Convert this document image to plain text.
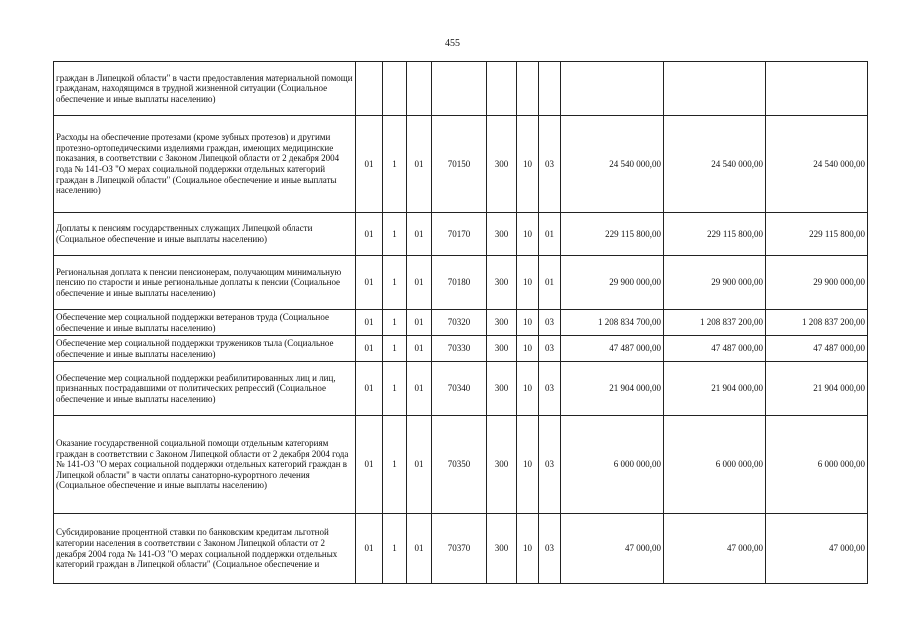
455
граждан в Липецкой области" в части предоставления материальной помощи гражданам, находящимся в трудной жизненной ситуации (Социальное обеспечение и иные выплаты населению)										
Расходы на обеспечение протезами (кроме зубных протезов) и другими протезно-ортопедическими изделиями граждан, имеющих медицинские показания, в соответствии с Законом Липецкой области от 2 декабря 2004 года № 141-ОЗ "О мерах социальной поддержки отдельных категорий граждан в Липецкой области" (Социальное обеспечение и иные выплаты населению)	01	1	01	70150	300	10	03	24 540 000,00	24 540 000,00	24 540 000,00
Доплаты к пенсиям государственных служащих Липецкой области (Социальное обеспечение и иные выплаты населению)	01	1	01	70170	300	10	01	229 115 800,00	229 115 800,00	229 115 800,00
Региональная доплата к пенсии пенсионерам, получающим минимальную пенсию по старости и иные региональные доплаты к пенсии (Социальное обеспечение и иные выплаты населению)	01	1	01	70180	300	10	01	29 900 000,00	29 900 000,00	29 900 000,00
Обеспечение мер социальной поддержки ветеранов труда (Социальное обеспечение и иные выплаты населению)	01	1	01	70320	300	10	03	1 208 834 700,00	1 208 837 200,00	1 208 837 200,00
Обеспечение мер социальной поддержки тружеников тыла (Социальное обеспечение и иные выплаты населению)	01	1	01	70330	300	10	03	47 487 000,00	47 487 000,00	47 487 000,00
Обеспечение мер социальной поддержки реабилитированных лиц и лиц, признанных пострадавшими от политических репрессий (Социальное обеспечение и иные выплаты населению)	01	1	01	70340	300	10	03	21 904 000,00	21 904 000,00	21 904 000,00
Оказание государственной социальной помощи отдельным категориям граждан в соответствии с Законом Липецкой области от 2 декабря 2004 года № 141-ОЗ "О мерах социальной поддержки отдельных категорий граждан в Липецкой области" в части оплаты санаторно-курортного лечения (Социальное обеспечение и иные выплаты населению)	01	1	01	70350	300	10	03	6 000 000,00	6 000 000,00	6 000 000,00
Субсидирование процентной ставки по банковским кредитам льготной категории населения в соответствии с Законом Липецкой области от 2 декабря 2004 года № 141-ОЗ "О мерах социальной поддержки отдельных категорий граждан в Липецкой области" (Социальное обеспечение и	01	1	01	70370	300	10	03	47 000,00	47 000,00	47 000,00
